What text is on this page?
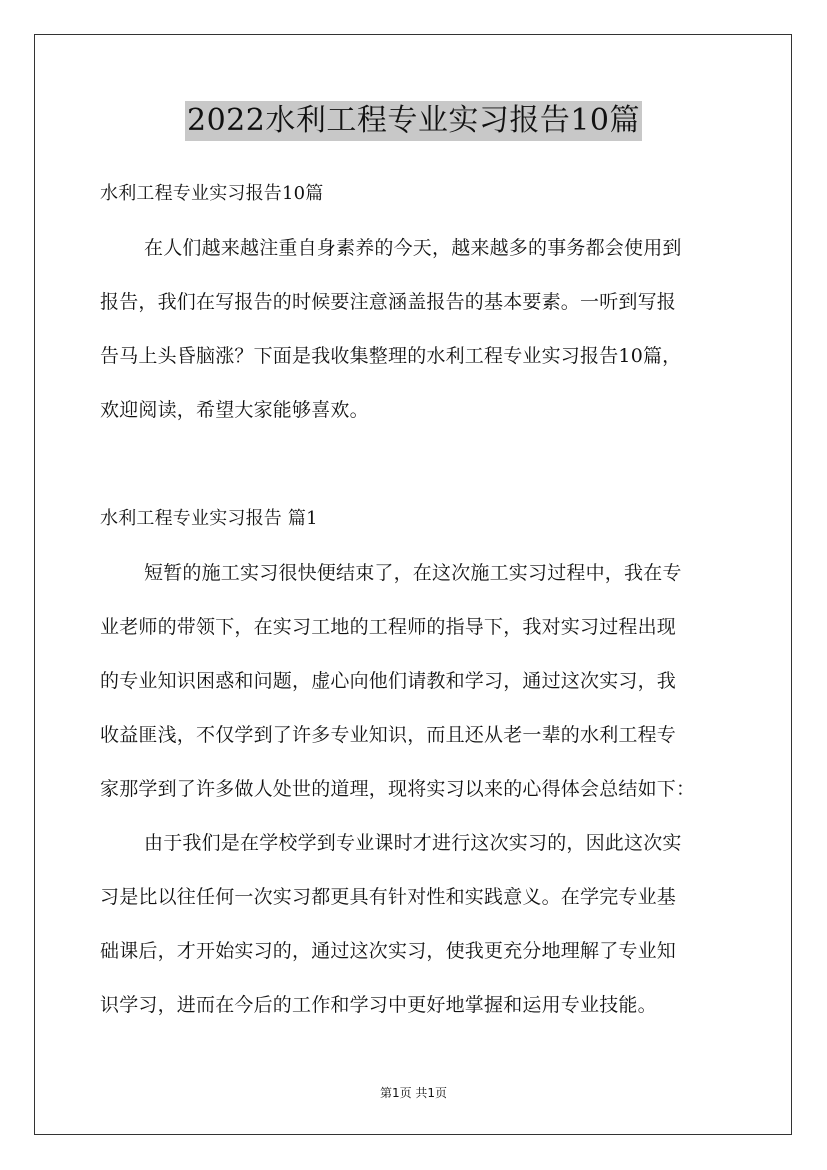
2022水利工程专业实习报告10篇
水利工程专业实习报告10篇
在人们越来越注重自身素养的今天，越来越多的事务都会使用到
报告，我们在写报告的时候要注意涵盖报告的基本要素。一听到写报
告马上头昏脑涨？下面是我收集整理的水利工程专业实习报告10篇，
欢迎阅读，希望大家能够喜欢。
水利工程专业实习报告 篇1
短暂的施工实习很快便结束了，在这次施工实习过程中，我在专
业老师的带领下，在实习工地的工程师的指导下，我对实习过程出现
的专业知识困惑和问题，虚心向他们请教和学习，通过这次实习，我
收益匪浅，不仅学到了许多专业知识，而且还从老一辈的水利工程专
家那学到了许多做人处世的道理，现将实习以来的心得体会总结如下：
由于我们是在学校学到专业课时才进行这次实习的，因此这次实
习是比以往任何一次实习都更具有针对性和实践意义。在学完专业基
础课后，才开始实习的，通过这次实习，使我更充分地理解了专业知
识学习，进而在今后的工作和学习中更好地掌握和运用专业技能。
第1页 共1页
